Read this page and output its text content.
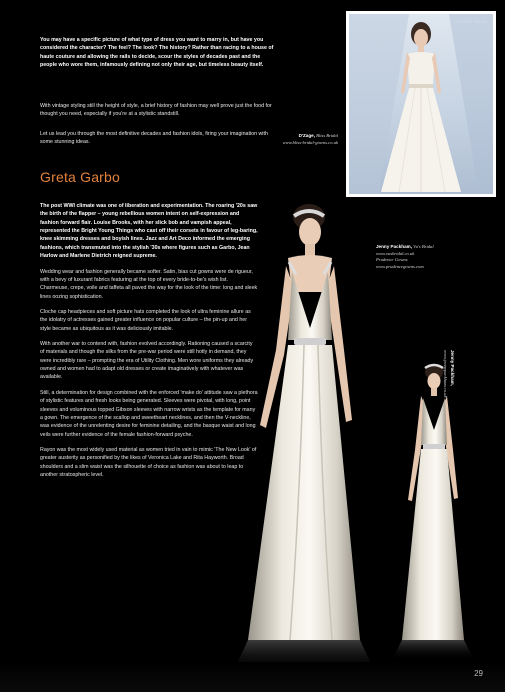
You may have a specific picture of what type of dress you want to marry in, but have you considered the character? The feel? The look? The history? Rather than racing to a house of haute couture and allowing the rails to decide, scour the styles of decades past and the people who wore them, infamously defining not only their age, but timeless beauty itself.

With vintage styling still the height of style, a brief history of fashion may well prove just the food for thought you need, especially if you're at a stylistic standstill.

Let us lead you through the most definitive decades and fashion idols, firing your imagination with some stunning ideas.

D'Zage, Bliss Bridal
www.bliss-bridal-gowns.co.uk
Greta Garbo

The post WWI climate was one of liberation and experimentation. The roaring '20s saw the birth of the flapper – young rebellious women intent on self-expression and fashion forward flair. Louise Brooks, with her slick bob and vampish appeal, represented the Bright Young Things who cast off their corsets in favour of leg-baring, knee skimming dresses and boyish lines. Jazz and Art Deco informed the emerging fashions, which transmuted into the stylish '30s where figures such as Garbo, Jean Harlow and Marlene Dietrich reigned supreme.

Wedding wear and fashion generally became softer. Satin, bias cut gowns were de rigueur, with a bevy of luxurant fabrics featuring at the top of every bride-to-be's wish list. Charmeuse, crepe, voile and taffeta all paved the way for the look of the time: long and sleek lines oozing sophistication.

Cloche cap headpieces and soft picture hats completed the look of ultra feminine allure as the idolatry of actresses gained greater influence on popular culture – the pin-up and her style became as ubiquitous as it was deliciously imitable.

With another war to contend with, fashion evolved accordingly. Rationing caused a scarcity of materials and though the silks from the pre-war period were still hotly in demand, they were incredibly rare – prompting the era of Utility Clothing. Men wore uniforms they already owned and women had to adapt old dresses or create imaginatively with whatever was available.

Still, a determination for design combined with the enforced 'make do' attitude saw a plethora of stylistic features and fresh looks being generated. Sleeves were pivotal, with long, point sleeves and voluminous topped Gibson sleeves with narrow wrists as the template for many a gown. The emergence of the scallop and sweetheart necklines, and then the V-neckline, was evidence of the unrelenting desire for feminine detailing, and the basque waist and long veils were further evidence of the female fashion-forward psyche.

Rayon was the most widely used material as women tried in vain to mimic 'The New Look' of greater austerity as personified by the likes of Veronica Lake and Rita Hayworth. Broad shoulders and a slim waist was the silhouette of choice as fashion was about to leap to another stratospheric level.

Jenny Packham, Vu's Bridal
www.vusbridal.co.uk
Prudence Gowns
www.prudencegowns.com
Jenny Packham,
www.jennypackham.co.uk
29
